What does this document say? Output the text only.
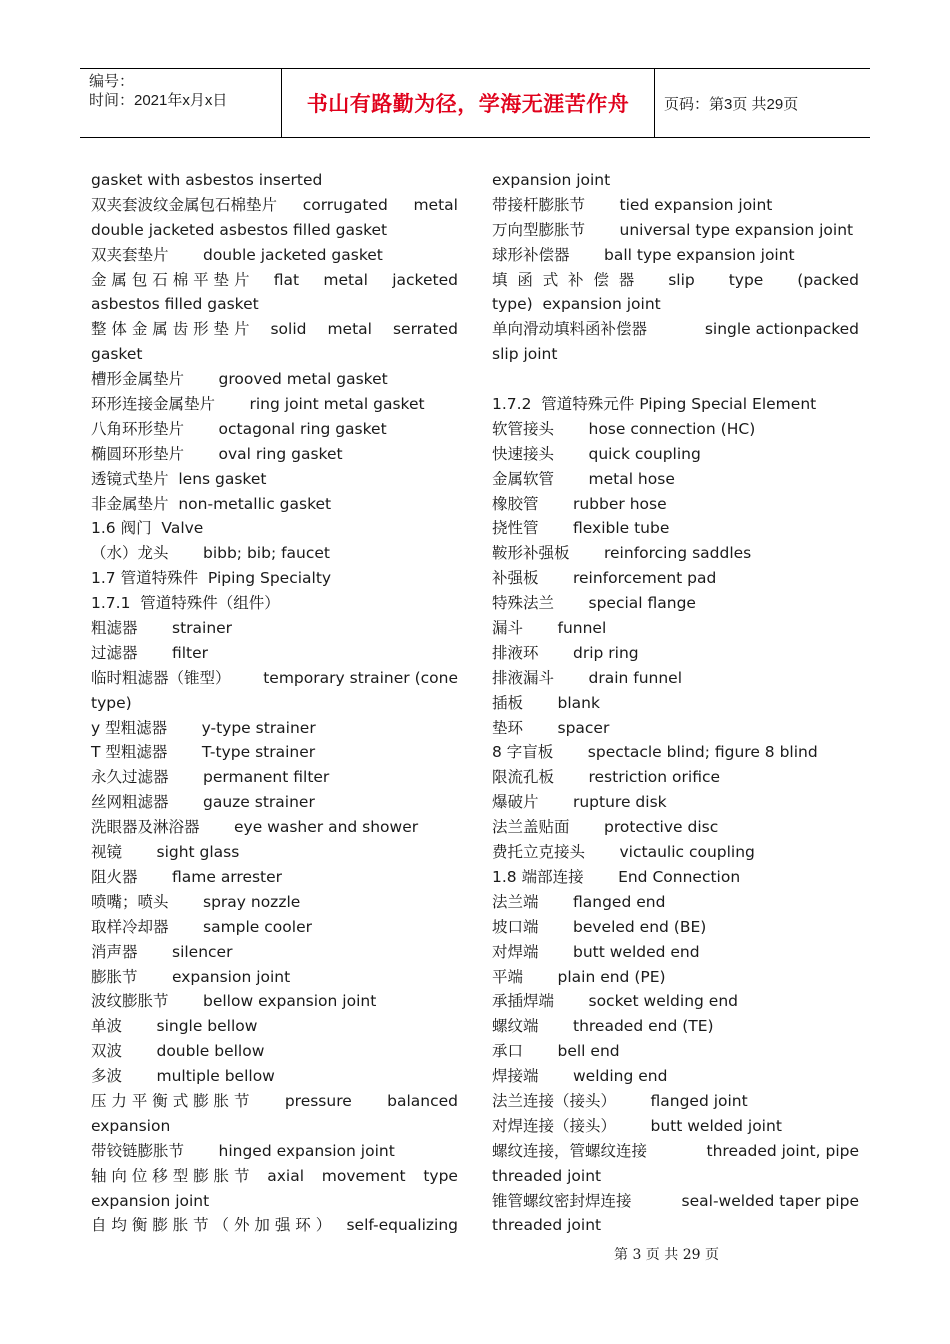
编号：
时间：2021年x月x日	书山有路勤为径，学海无涯苦作舟 页码：第3页 共29页
gasket with asbestos inserted
双夹套波纹金属包石棉垫片 corrugated metal
double jacketed asbestos filled gasket
双夹套垫片       double jacketed gasket
金 属 包 石 棉 平 垫 片 flat metal jacketed
asbestos filled gasket
整 体 金 属 齿 形 垫 片 solid metal serrated
gasket
槽形金属垫片       grooved metal gasket
环形连接金属垫片       ring joint metal gasket
八角环形垫片       octagonal ring gasket
椭圆环形垫片       oval ring gasket
透镜式垫片  lens gasket
非金属垫片  non-metallic gasket
1.6 阀门  Valve
（水）龙头       bibb; bib; faucet
1.7 管道特殊件  Piping Specialty
1.7.1  管道特殊件（组件）
粗滤器       strainer
过滤器       filter
临时粗滤器（锥型） temporary strainer (cone
type)
y 型粗滤器       y-type strainer
T 型粗滤器       T-type strainer
永久过滤器       permanent filter
丝网粗滤器       gauze strainer
洗眼器及淋浴器       eye washer and shower
视镜       sight glass
阻火器       flame arrester
喷嘴；喷头       spray nozzle
取样冷却器       sample cooler
消声器       silencer
膨胀节       expansion joint
波纹膨胀节       bellow expansion joint
单波       single bellow
双波       double bellow
多波       multiple bellow
压 力 平 衡 式 膨 胀 节 pressure balanced
expansion
带铰链膨胀节       hinged expansion joint
轴 向 位 移 型 膨 胀 节 axial movement type
expansion joint
自 均 衡 膨 胀 节 （ 外 加 强 环 ） self-equalizing
expansion joint
带接杆膨胀节       tied expansion joint
万向型膨胀节       universal type expansion joint
球形补偿器       ball type expansion joint
填  函  式  补  偿  器 slip type (packed
type)  expansion joint
单向滑动填料函补偿器	single actionpacked
slip joint
1.7.2  管道特殊元件 Piping Special Element
软管接头       hose connection (HC)
快速接头       quick coupling
金属软管       metal hose
橡胶管       rubber hose
挠性管       flexible tube
鞍形补强板       reinforcing saddles
补强板       reinforcement pad
特殊法兰       special flange
漏斗       funnel
排液环       drip ring
排液漏斗       drain funnel
插板       blank
垫环       spacer
8 字盲板       spectacle blind; figure 8 blind
限流孔板       restriction orifice
爆破片       rupture disk
法兰盖贴面       protective disc
费托立克接头       victaulic coupling
1.8 端部连接       End Connection
法兰端       flanged end
坡口端       beveled end (BE)
对焊端       butt welded end
平端       plain end (PE)
承插焊端       socket welding end
螺纹端       threaded end (TE)
承口       bell end
焊接端       welding end
法兰连接（接头）       flanged joint
对焊连接（接头）       butt welded joint
螺纹连接，管螺纹连接	threaded joint, pipe
threaded joint
锥管螺纹密封焊连接	seal-welded taper pipe
threaded joint
第 3 页 共 29 页
